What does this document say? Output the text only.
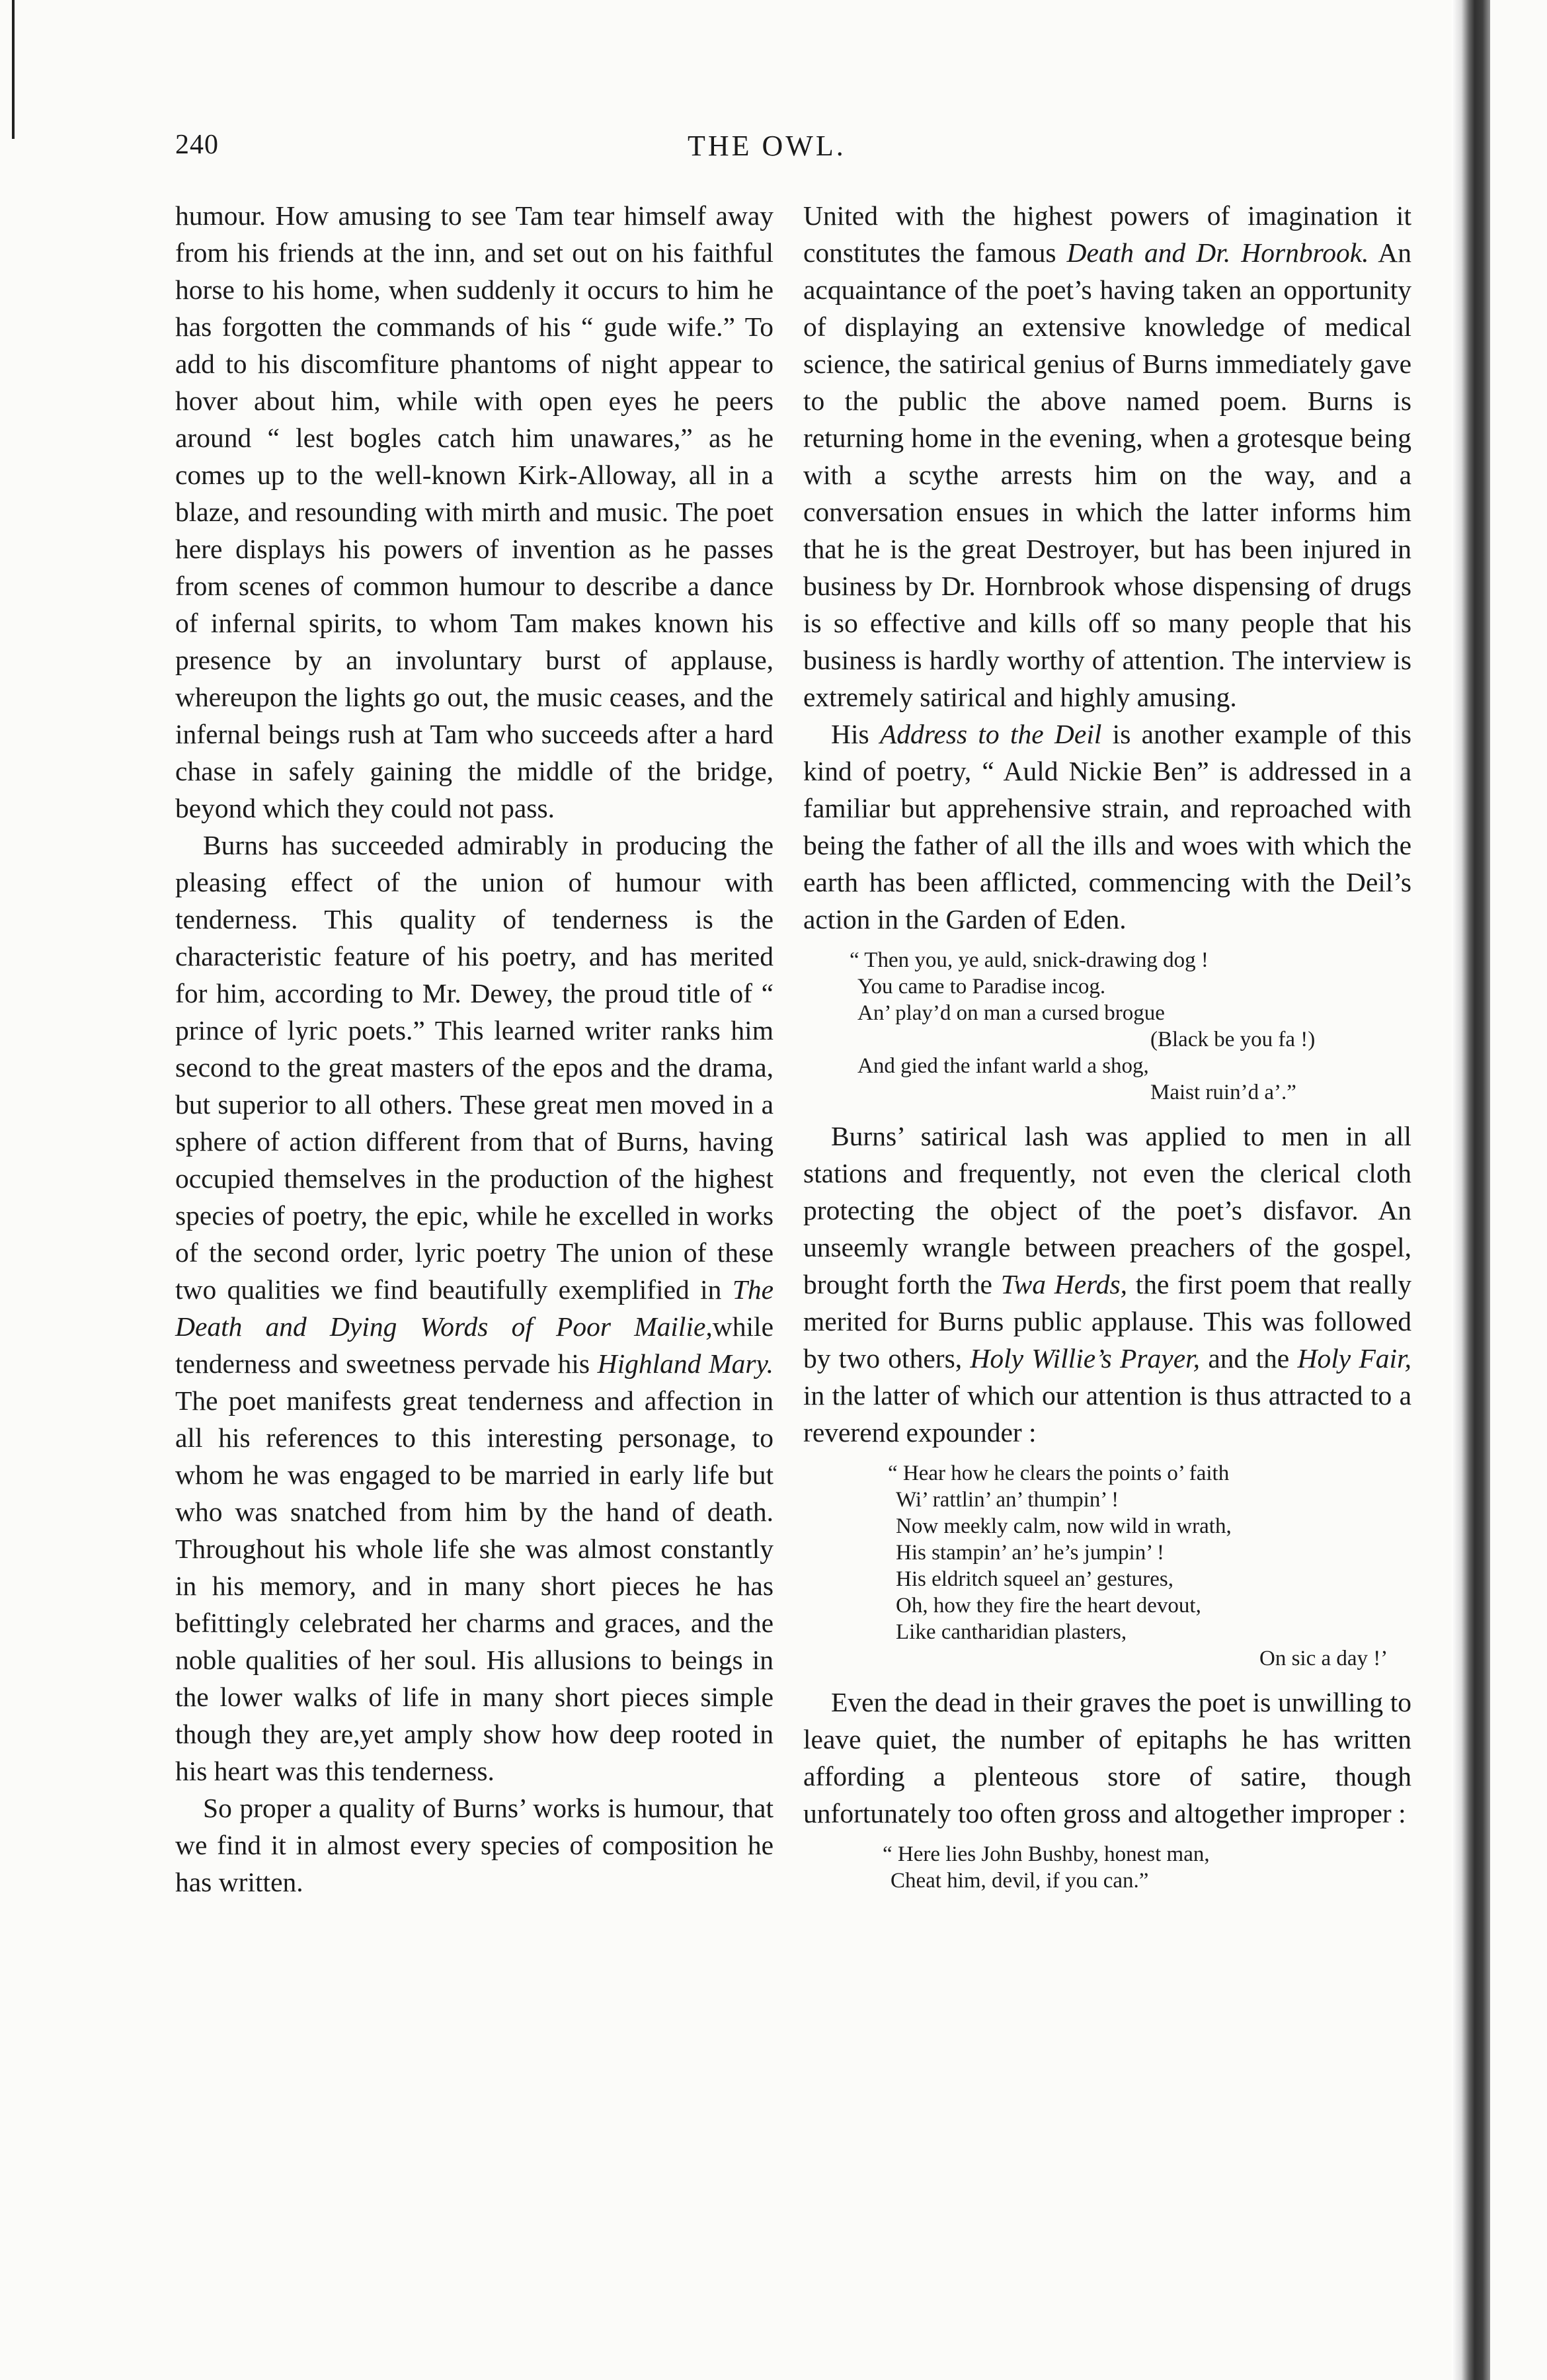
240	THE OWL.

humour. How amusing to see Tam tear himself away from his friends at the inn, and set out on his faithful horse to his home, when suddenly it occurs to him he has forgotten the commands of his “ gude wife.” To add to his discomfiture phantoms of night appear to hover about him, while with open eyes he peers around “ lest bogles catch him unawares,” as he comes up to the well-known Kirk-Alloway, all in a blaze, and resounding with mirth and music. The poet here displays his powers of invention as he passes from scenes of common humour to describe a dance of infernal spirits, to whom Tam makes known his presence by an involuntary burst of applause, whereupon the lights go out, the music ceases, and the infernal beings rush at Tam who succeeds after a hard chase in safely gaining the middle of the bridge, beyond which they could not pass.

Burns has succeeded admirably in producing the pleasing effect of the union of humour with tenderness. This quality of tenderness is the characteristic feature of his poetry, and has merited for him, according to Mr. Dewey, the proud title of “ prince of lyric poets.” This learned writer ranks him second to the great masters of the epos and the drama, but superior to all others. These great men moved in a sphere of action different from that of Burns, having occupied themselves in the production of the highest species of poetry, the epic, while he excelled in works of the second order, lyric poetry The union of these two qualities we find beautifully exemplified in The Death and Dying Words of Poor Mailie,while tenderness and sweetness pervade his Highland Mary. The poet manifests great tenderness and affection in all his references to this interesting personage, to whom he was engaged to be married in early life but who was snatched from him by the hand of death. Throughout his whole life she was almost constantly in his memory, and in many short pieces he has befittingly celebrated her charms and graces, and the noble qualities of her soul. His allusions to beings in the lower walks of life in many short pieces simple though they are,yet amply show how deep rooted in his heart was this tenderness.

So proper a quality of Burns’ works is humour, that we find it in almost every species of composition he has written.

United with the highest powers of imagination it constitutes the famous Death and Dr. Hornbrook. An acquaintance of the poet’s having taken an opportunity of displaying an extensive knowledge of medical science, the satirical genius of Burns immediately gave to the public the above named poem. Burns is returning home in the evening, when a grotesque being with a scythe arrests him on the way, and a conversation ensues in which the latter informs him that he is the great Destroyer, but has been injured in business by Dr. Hornbrook whose dispensing of drugs is so effective and kills off so many people that his business is hardly worthy of attention. The interview is extremely satirical and highly amusing.

His Address to the Deil is another example of this kind of poetry, “ Auld Nickie Ben” is addressed in a familiar but apprehensive strain, and reproached with being the father of all the ills and woes with which the earth has been afflicted, commencing with the Deil’s action in the Garden of Eden.

“ Then you, ye auld, snick-drawing dog !
You came to Paradise incog.
An’ play’d on man a cursed brogue
(Black be you fa !)
And gied the infant warld a shog,
Maist ruin’d a’.”

Burns’ satirical lash was applied to men in all stations and frequently, not even the clerical cloth protecting the object of the poet’s disfavor. An unseemly wrangle between preachers of the gospel, brought forth the Twa Herds, the first poem that really merited for Burns public applause. This was followed by two others, Holy Willie’s Prayer, and the Holy Fair, in the latter of which our attention is thus attracted to a reverend expounder :

“ Hear how he clears the points o’ faith
Wi’ rattlin’ an’ thumpin’ !
Now meekly calm, now wild in wrath,
His stampin’ an’ he’s jumpin’ !
His eldritch squeel an’ gestures,
Oh, how they fire the heart devout,
Like cantharidian plasters,
On sic a day !’

Even the dead in their graves the poet is unwilling to leave quiet, the number of epitaphs he has written affording a plenteous store of satire, though unfortunately too often gross and altogether improper :

“ Here lies John Bushby, honest man,
Cheat him, devil, if you can.”
